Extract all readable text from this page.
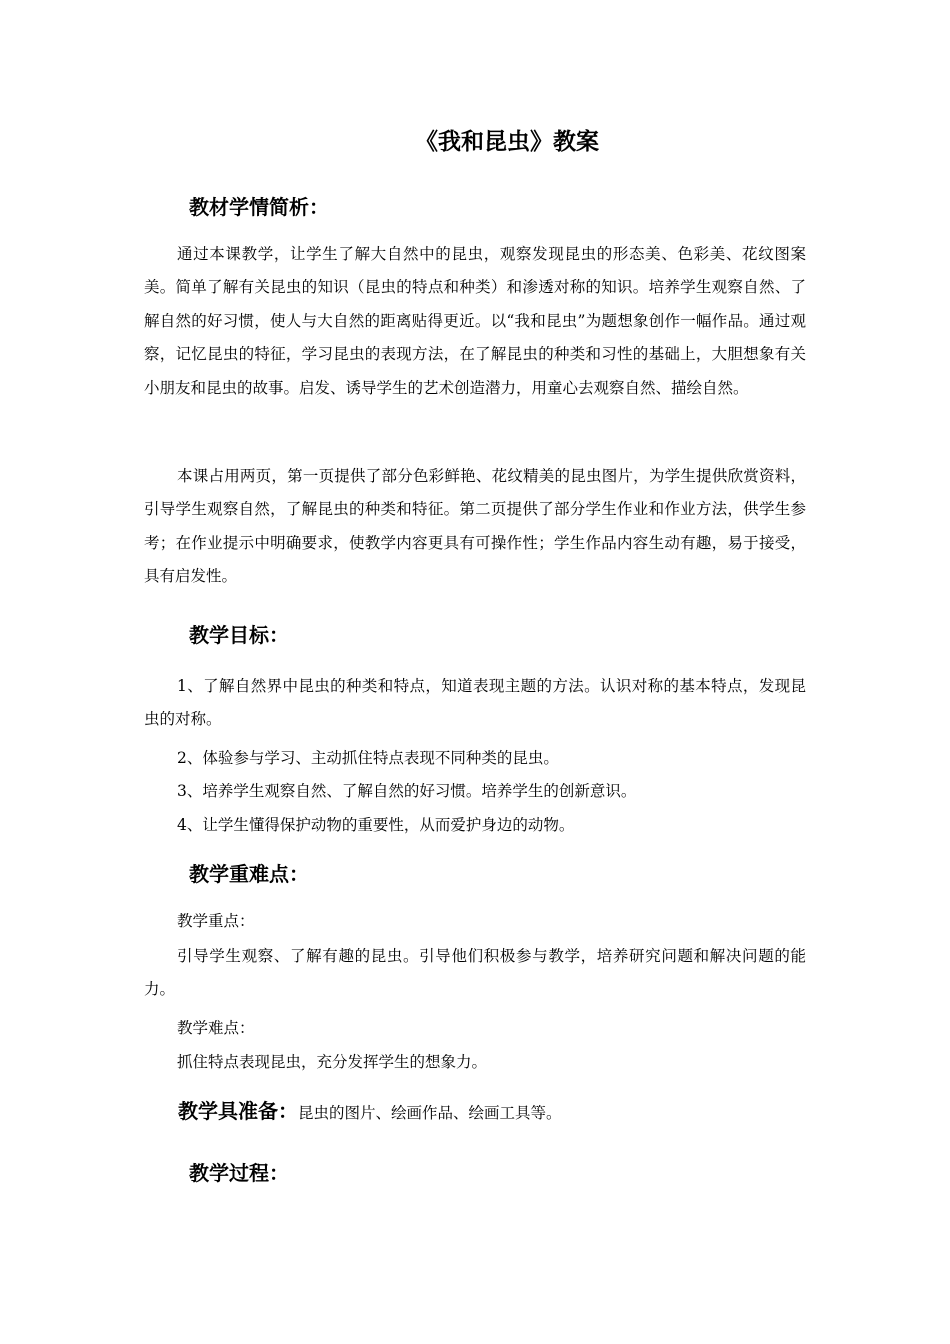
《我和昆虫》教案
教材学情简析：

通过本课教学，让学生了解大自然中的昆虫，观察发现昆虫的形态美、色彩美、花纹图案美。简单了解有关昆虫的知识（昆虫的特点和种类）和渗透对称的知识。培养学生观察自然、了解自然的好习惯，使人与大自然的距离贴得更近。以“我和昆虫”为题想象创作一幅作品。通过观察，记忆昆虫的特征，学习昆虫的表现方法，在了解昆虫的种类和习性的基础上，大胆想象有关小朋友和昆虫的故事。启发、诱导学生的艺术创造潜力，用童心去观察自然、描绘自然。

本课占用两页，第一页提供了部分色彩鲜艳、花纹精美的昆虫图片，为学生提供欣赏资料，引导学生观察自然，了解昆虫的种类和特征。第二页提供了部分学生作业和作业方法，供学生参考；在作业提示中明确要求，使教学内容更具有可操作性；学生作品内容生动有趣，易于接受，具有启发性。

教学目标：

1、了解自然界中昆虫的种类和特点，知道表现主题的方法。认识对称的基本特点，发现昆虫的对称。

2、体验参与学习、主动抓住特点表现不同种类的昆虫。

3、培养学生观察自然、了解自然的好习惯。培养学生的创新意识。

4、让学生懂得保护动物的重要性，从而爱护身边的动物。

教学重难点：

教学重点：

引导学生观察、了解有趣的昆虫。引导他们积极参与教学，培养研究问题和解决问题的能力。

教学难点：

抓住特点表现昆虫，充分发挥学生的想象力。

教学具准备：昆虫的图片、绘画作品、绘画工具等。
教学过程：
